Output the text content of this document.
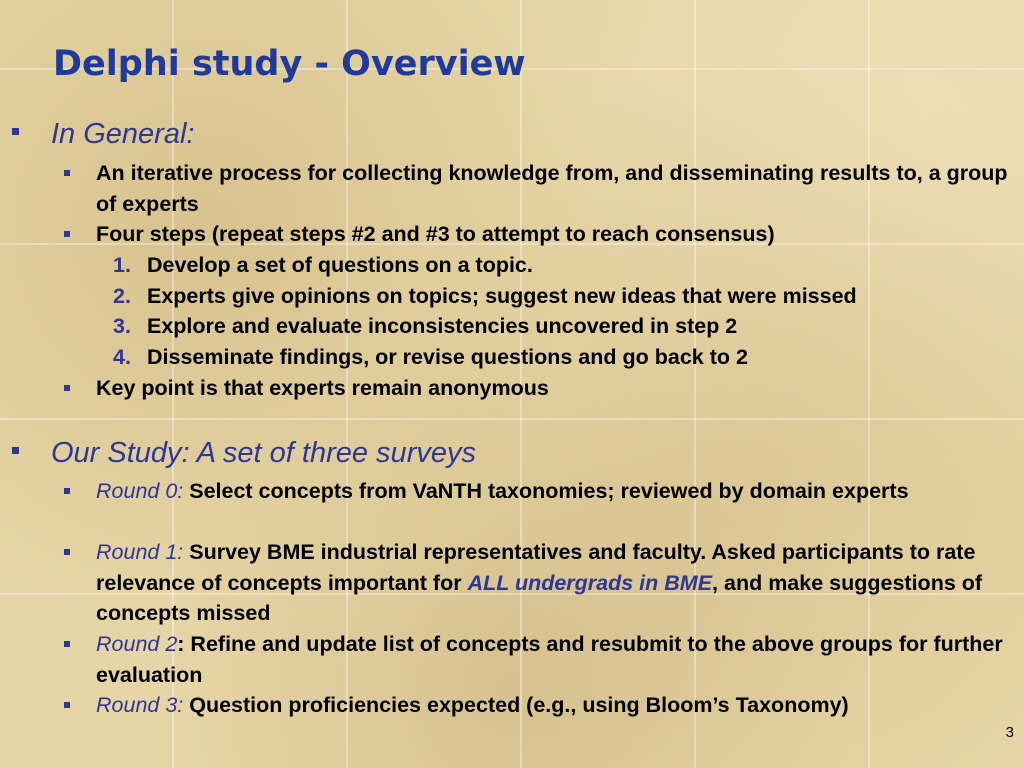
Delphi study - Overview
In General:
An iterative process for collecting knowledge from, and disseminating results to, a group of experts
Four steps (repeat steps #2 and #3 to attempt to reach consensus)
1. Develop a set of questions on a topic.
2. Experts give opinions on topics; suggest new ideas that were missed
3. Explore and evaluate inconsistencies uncovered in step 2
4. Disseminate findings, or revise questions and go back to 2
Key point is that experts remain anonymous
Our Study: A set of three surveys
Round 0: Select concepts from VaNTH taxonomies; reviewed by domain experts
Round 1: Survey BME industrial representatives and faculty. Asked participants to rate relevance of concepts important for ALL undergrads in BME, and make suggestions of concepts missed
Round 2: Refine and update list of concepts and resubmit to the above groups for further evaluation
Round 3: Question proficiencies expected (e.g., using Bloom’s Taxonomy)
3
